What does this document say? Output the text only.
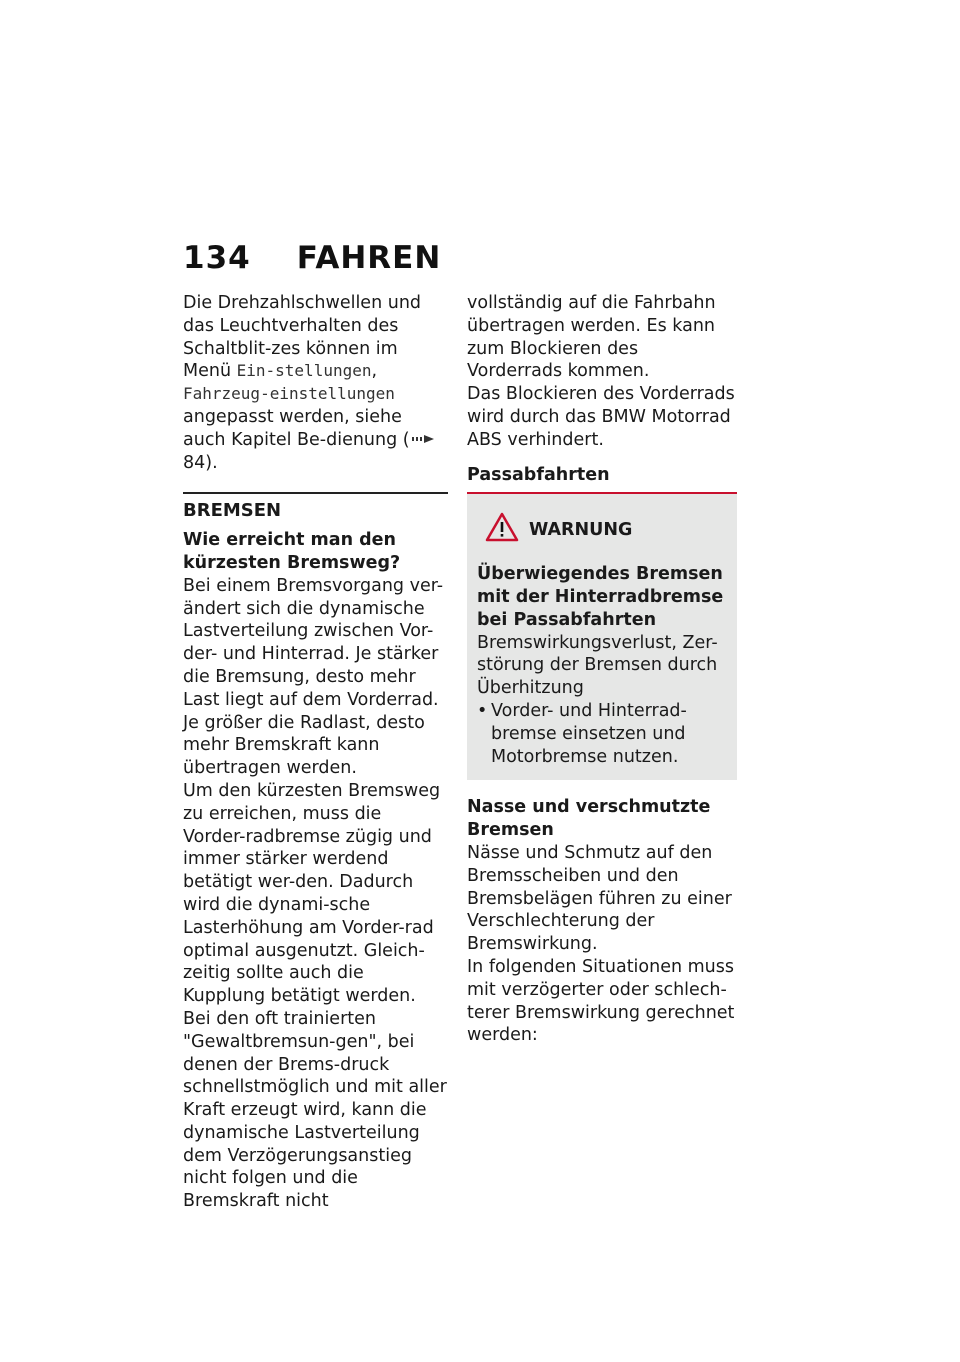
134 FAHREN

Die Drehzahlschwellen und das Leuchtverhalten des Schaltblit-zes können im Menü Ein-stellungen, Fahrzeug-einstellungen angepasst werden, siehe auch Kapitel Be-dienung (84).

BREMSEN

Wie erreicht man den kürzesten Bremsweg?

Bei einem Bremsvorgang ver-ändert sich die dynamische Lastverteilung zwischen Vor-der- und Hinterrad. Je stärker die Bremsung, desto mehr Last liegt auf dem Vorderrad. Je größer die Radlast, desto mehr Bremskraft kann übertragen werden.

Um den kürzesten Bremsweg zu erreichen, muss die Vorder-radbremse zügig und immer stärker werdend betätigt wer-den. Dadurch wird die dynami-sche Lasterhöhung am Vorder-rad optimal ausgenutzt. Gleich-zeitig sollte auch die Kupplung betätigt werden. Bei den oft trainierten "Gewaltbremsun-gen", bei denen der Brems-druck schnellstmöglich und mit aller Kraft erzeugt wird, kann die dynamische Lastverteilung dem Verzögerungsanstieg nicht folgen und die Bremskraft nicht

vollständig auf die Fahrbahn übertragen werden. Es kann zum Blockieren des Vorderrads kommen.

Das Blockieren des Vorderrads wird durch das BMW Motorrad ABS verhindert.

Passabfahrten

WARNUNG

Überwiegendes Bremsen mit der Hinterradbremse bei Passabfahrten

Bremswirkungsverlust, Zer-störung der Bremsen durch Überhitzung

• Vorder- und Hinterrad-bremse einsetzen und Motorbremse nutzen.

Nasse und verschmutzte Bremsen

Nässe und Schmutz auf den Bremsscheiben und den Bremsbelägen führen zu einer Verschlechterung der Bremswirkung.

In folgenden Situationen muss mit verzögerter oder schlech-terer Bremswirkung gerechnet werden:
